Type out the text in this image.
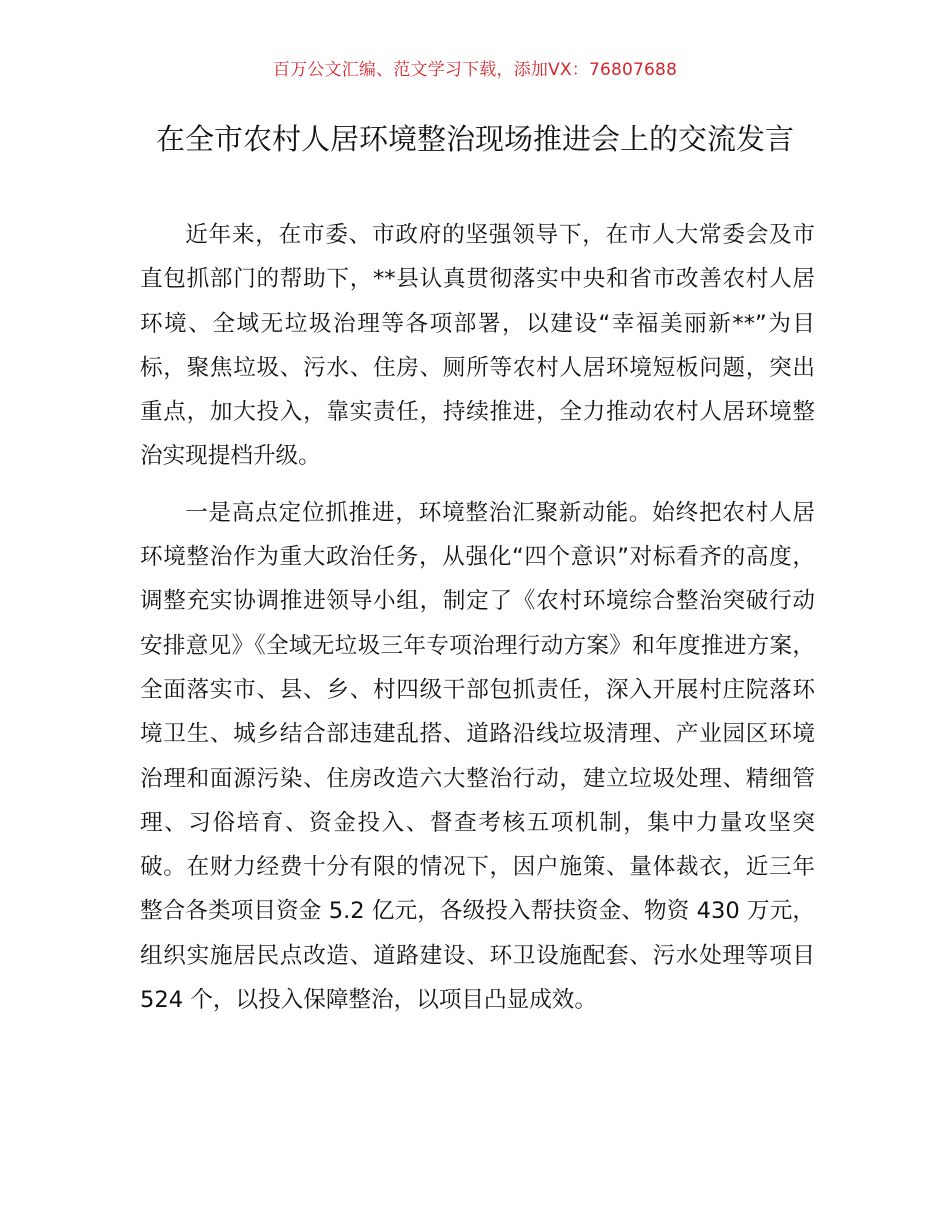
百万公文汇编、范文学习下载，添加VX：76807688
在全市农村人居环境整治现场推进会上的交流发言

近年来，在市委、市政府的坚强领导下，在市人大常委会及市直包抓部门的帮助下，**县认真贯彻落实中央和省市改善农村人居环境、全域无垃圾治理等各项部署，以建设“幸福美丽新**”为目标，聚焦垃圾、污水、住房、厕所等农村人居环境短板问题，突出重点，加大投入，靠实责任，持续推进，全力推动农村人居环境整治实现提档升级。

一是高点定位抓推进，环境整治汇聚新动能。始终把农村人居环境整治作为重大政治任务，从强化“四个意识”对标看齐的高度，调整充实协调推进领导小组，制定了《农村环境综合整治突破行动安排意见》《全域无垃圾三年专项治理行动方案》和年度推进方案，全面落实市、县、乡、村四级干部包抓责任，深入开展村庄院落环境卫生、城乡结合部违建乱搭、道路沿线垃圾清理、产业园区环境治理和面源污染、住房改造六大整治行动，建立垃圾处理、精细管理、习俗培育、资金投入、督查考核五项机制，集中力量攻坚突破。在财力经费十分有限的情况下，因户施策、量体裁衣，近三年整合各类项目资金 5.2 亿元，各级投入帮扶资金、物资 430 万元，组织实施居民点改造、道路建设、环卫设施配套、污水处理等项目 524 个，以投入保障整治，以项目凸显成效。
